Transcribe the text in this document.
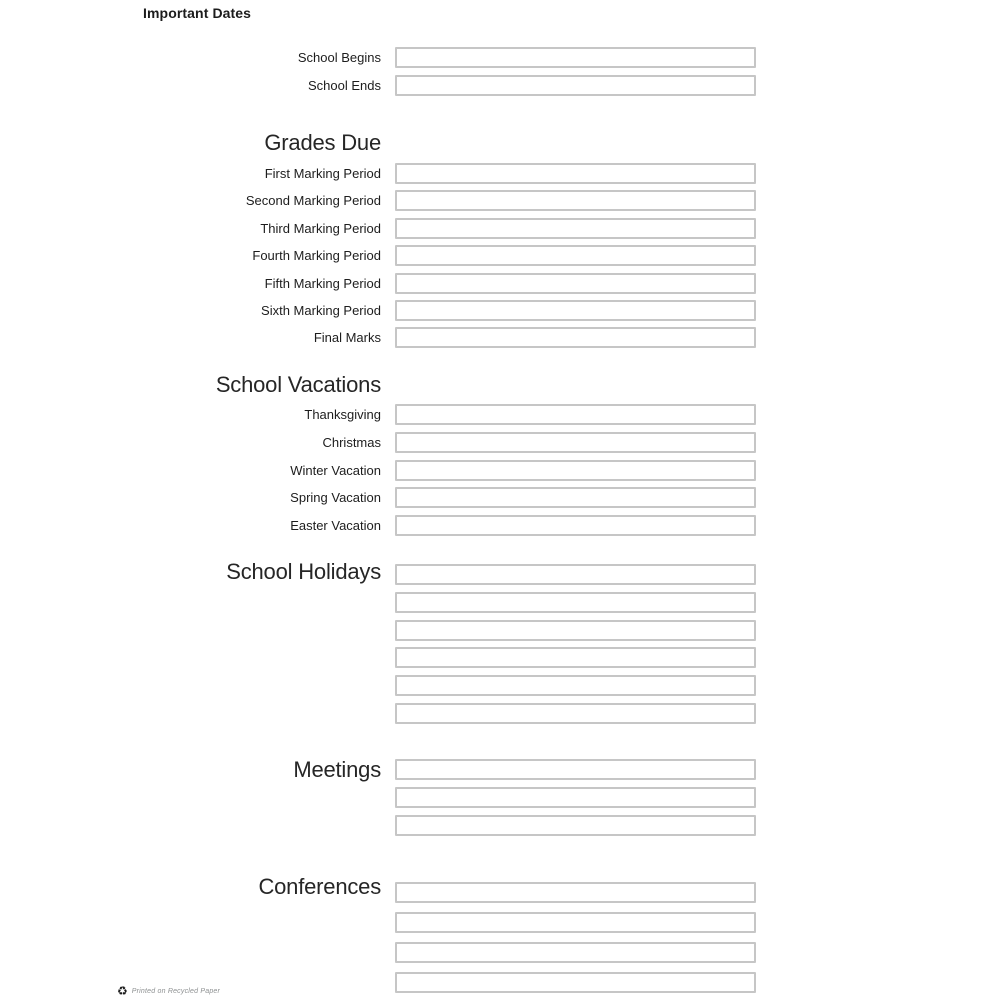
Important Dates
School Begins
School Ends
Grades Due
First Marking Period
Second Marking Period
Third Marking Period
Fourth Marking Period
Fifth Marking Period
Sixth Marking Period
Final Marks
School Vacations
Thanksgiving
Christmas
Winter Vacation
Spring Vacation
Easter Vacation
School Holidays
Meetings
Conferences
♻ Printed on Recycled Paper
